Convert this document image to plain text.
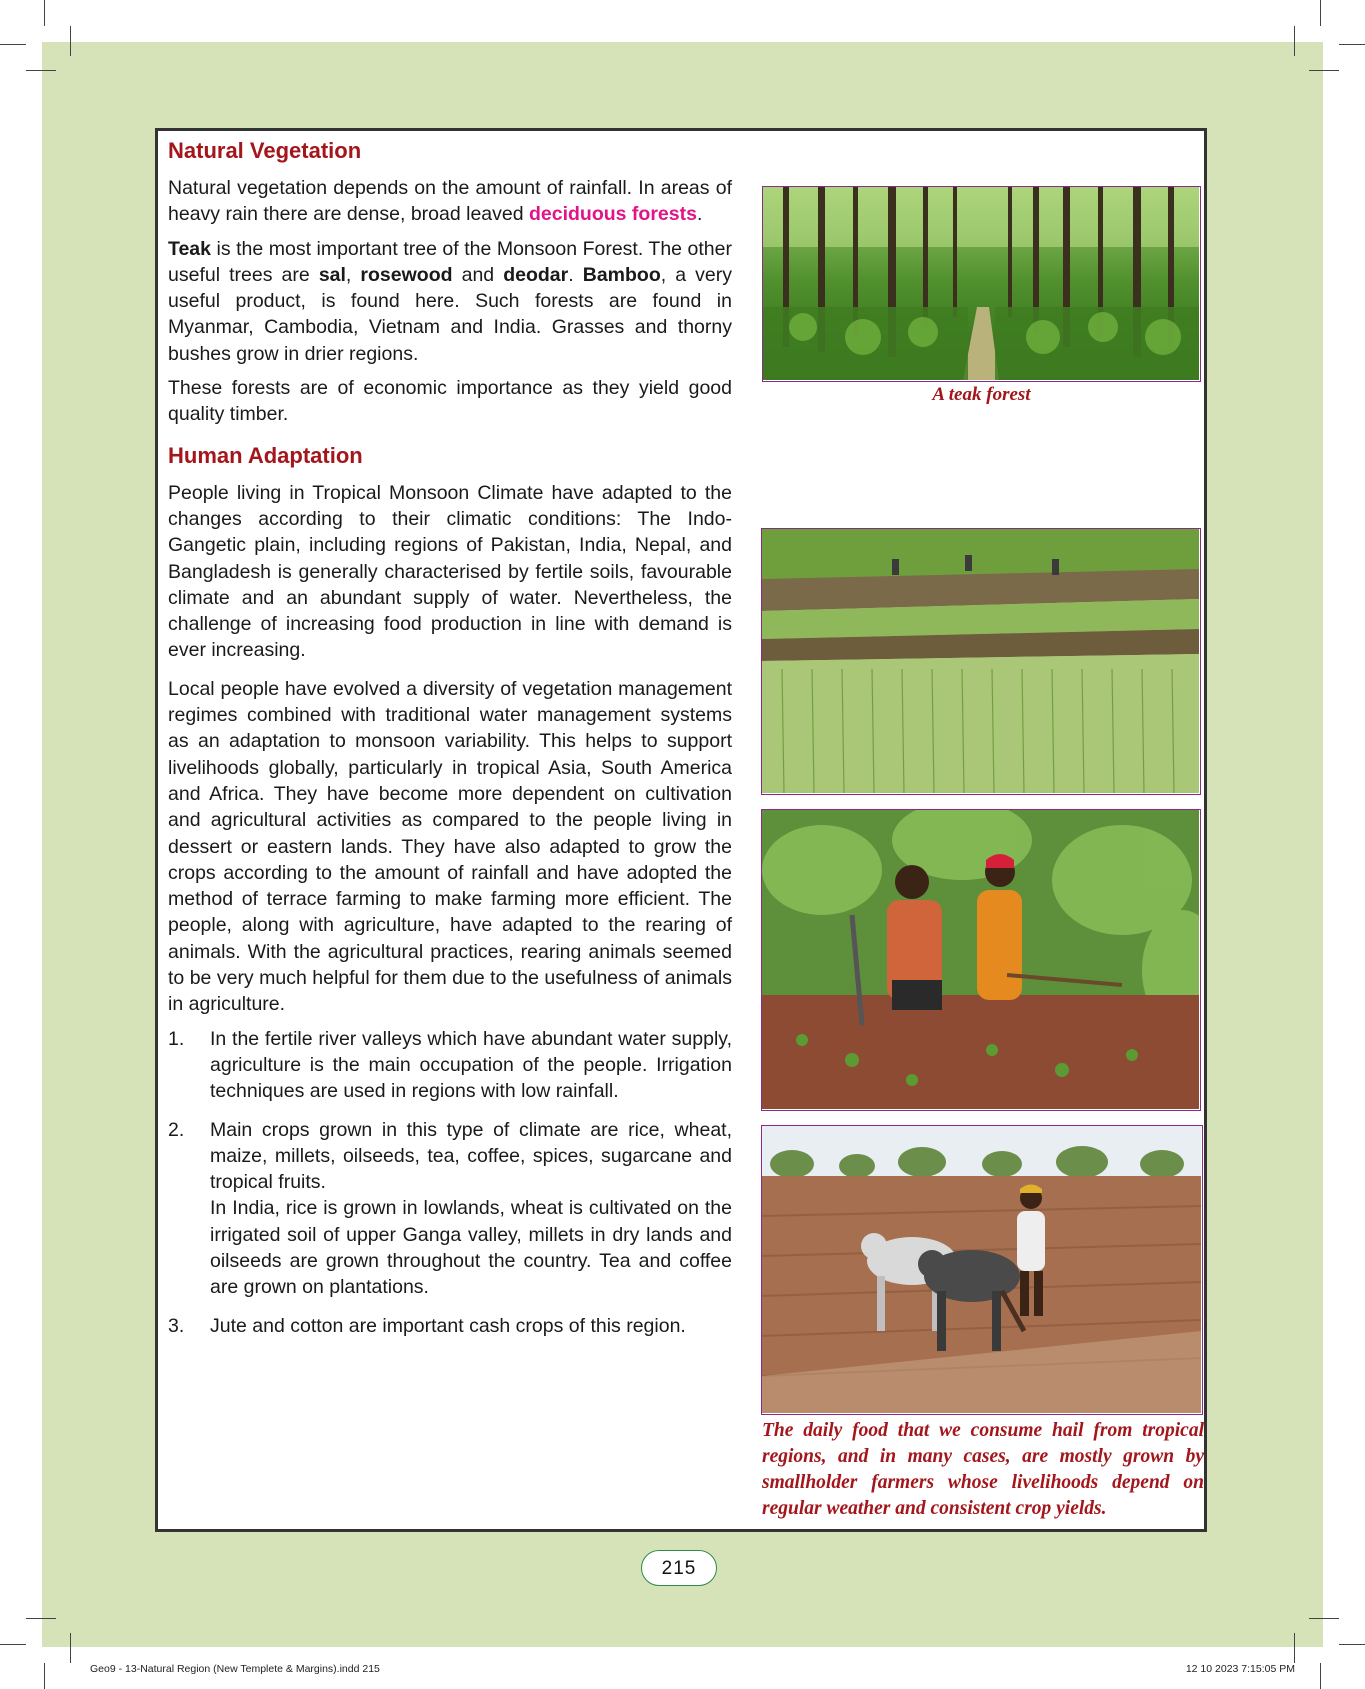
Natural Vegetation

Natural vegetation depends on the amount of rainfall. In areas of heavy rain there are dense, broad leaved deciduous forests.

Teak is the most important tree of the Monsoon Forest. The other useful trees are sal, rosewood and deodar. Bamboo, a very useful product, is found here. Such forests are found in Myanmar, Cambodia, Vietnam and India. Grasses and thorny bushes grow in drier regions.

These forests are of economic importance as they yield good quality timber.

Human Adaptation

People living in Tropical Monsoon Climate have adapted to the changes according to their climatic conditions: The Indo-Gangetic plain, including regions of Pakistan, India, Nepal, and Bangladesh is generally characterised by fertile soils, favourable climate and an abundant supply of water. Nevertheless, the challenge of increasing food production in line with demand is ever increasing.

Local people have evolved a diversity of vegetation management regimes combined with traditional water management systems as an adaptation to monsoon variability. This helps to support livelihoods globally, particularly in tropical Asia, South America and Africa. They have become more dependent on cultivation and agricultural activities as compared to the people living in dessert or eastern lands. They have also adapted to grow the crops according to the amount of rainfall and have adopted the method of terrace farming to make farming more efficient. The people, along with agriculture, have adapted to the rearing of animals. With the agricultural practices, rearing animals seemed to be very much helpful for them due to the usefulness of animals in agriculture.

1.	In the fertile river valleys which have abundant water supply, agriculture is the main occupation of the people. Irrigation techniques are used in regions with low rainfall.
2.	Main crops grown in this type of climate are rice, wheat, maize, millets, oilseeds, tea, coffee, spices, sugarcane and tropical fruits.
In India, rice is grown in lowlands, wheat is cultivated on the irrigated soil of upper Ganga valley, millets in dry lands and oilseeds are grown throughout the country. Tea and coffee are grown on plantations.
3.	Jute and cotton are important cash crops of this region.
A teak forest
The daily food that we consume hail from tropical regions, and in many cases, are mostly grown by smallholder farmers whose livelihoods depend on regular weather and consistent crop yields.
215
Geo9 - 13-Natural Region (New Templete & Margins).indd 215	12 10 2023 7:15:05 PM
